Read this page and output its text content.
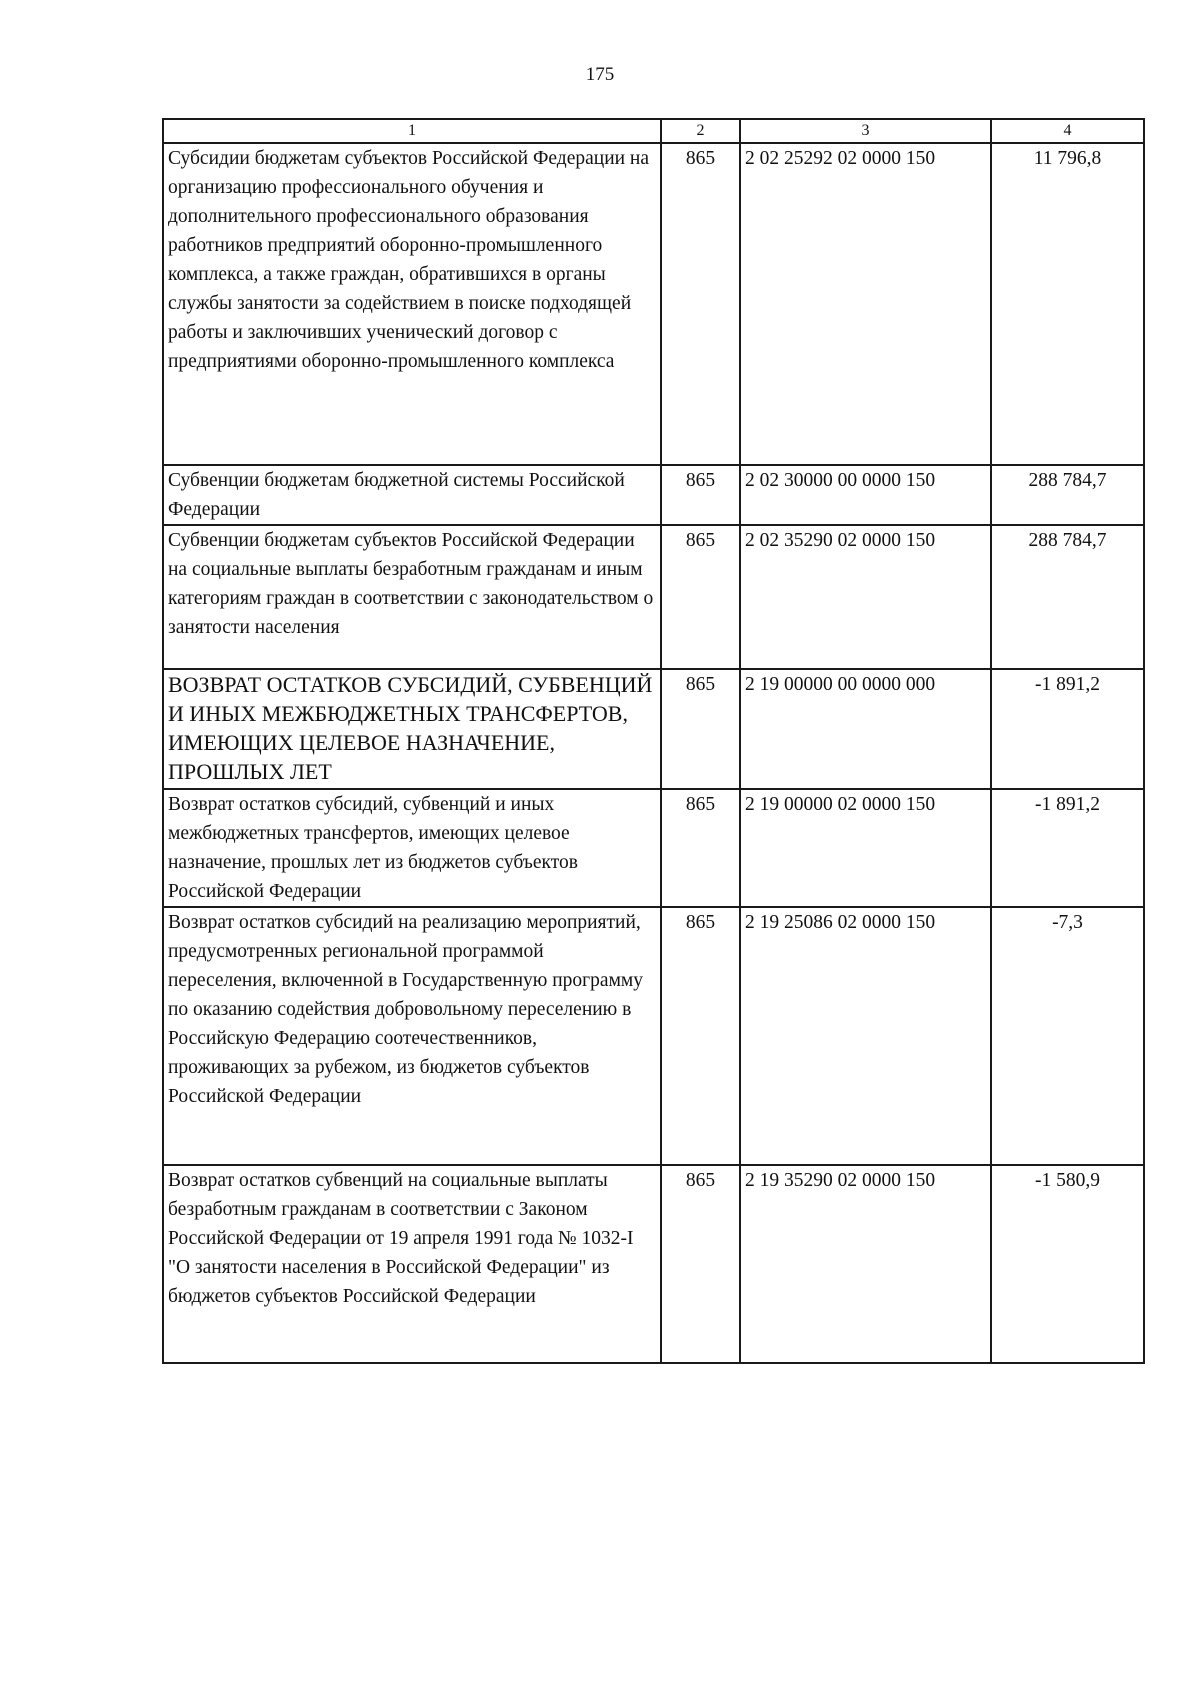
175
1	2	3	4
Субсидии бюджетам субъектов Российской Федерации на организацию профессионального обучения и дополнительного профессионального образования работников предприятий оборонно-промышленного комплекса, а также граждан, обратившихся в органы службы занятости за содействием в поиске подходящей работы и заключивших ученический договор с предприятиями оборонно-промышленного комплекса	865	2 02 25292 02 0000 150	11 796,8
Субвенции бюджетам бюджетной системы Российской Федерации	865	2 02 30000 00 0000 150	288 784,7
Субвенции бюджетам субъектов Российской Федерации на социальные выплаты безработным гражданам и иным категориям граждан в соответствии с законодательством о занятости населения	865	2 02 35290 02 0000 150	288 784,7
ВОЗВРАТ ОСТАТКОВ СУБСИДИЙ, СУБВЕНЦИЙ И ИНЫХ МЕЖБЮДЖЕТНЫХ ТРАНСФЕРТОВ, ИМЕЮЩИХ ЦЕЛЕВОЕ НАЗНАЧЕНИЕ, ПРОШЛЫХ ЛЕТ	865	2 19 00000 00 0000 000	-1 891,2
Возврат остатков субсидий, субвенций и иных межбюджетных трансфертов, имеющих целевое назначение, прошлых лет из бюджетов субъектов Российской Федерации	865	2 19 00000 02 0000 150	-1 891,2
Возврат остатков субсидий на реализацию мероприятий, предусмотренных региональной программой переселения, включенной в Государственную программу по оказанию содействия добровольному переселению в Российскую Федерацию соотечественников, проживающих за рубежом, из бюджетов субъектов Российской Федерации	865	2 19 25086 02 0000 150	-7,3
Возврат остатков субвенций на социальные выплаты безработным гражданам в соответствии с Законом Российской Федерации от 19 апреля 1991 года № 1032-I "О занятости населения в Российской Федерации" из бюджетов субъектов Российской Федерации	865	2 19 35290 02 0000 150	-1 580,9
